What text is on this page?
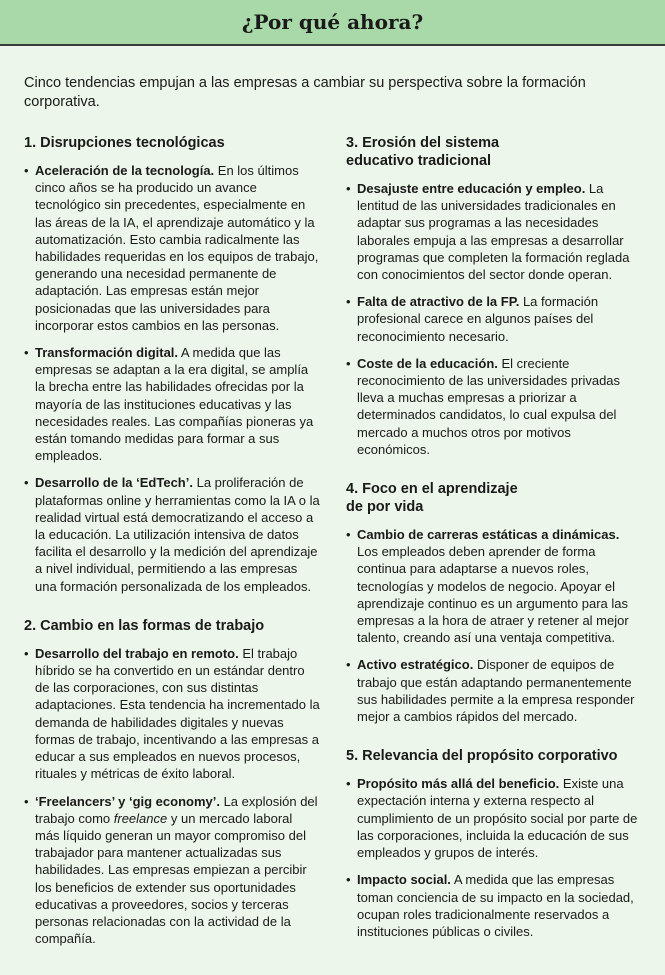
¿Por qué ahora?

Cinco tendencias empujan a las empresas a cambiar su perspectiva sobre la formación corporativa.

1. Disrupciones tecnológicas
• Aceleración de la tecnología. En los últimos cinco años se ha producido un avance tecnológico sin precedentes, especialmente en las áreas de la IA, el aprendizaje automático y la automatización. Esto cambia radicalmente las habilidades requeridas en los equipos de trabajo, generando una necesidad permanente de adaptación. Las empresas están mejor posicionadas que las universidades para incorporar estos cambios en las personas.
• Transformación digital. A medida que las empresas se adaptan a la era digital, se amplía la brecha entre las habilidades ofrecidas por la mayoría de las instituciones educativas y las necesidades reales. Las compañías pioneras ya están tomando medidas para formar a sus empleados.
• Desarrollo de la ‘EdTech’. La proliferación de plataformas online y herramientas como la IA o la realidad virtual está democratizando el acceso a la educación. La utilización intensiva de datos facilita el desarrollo y la medición del aprendizaje a nivel individual, permitiendo a las empresas una formación personalizada de los empleados.
2. Cambio en las formas de trabajo
• Desarrollo del trabajo en remoto. El trabajo híbrido se ha convertido en un estándar dentro de las corporaciones, con sus distintas adaptaciones. Esta tendencia ha incrementado la demanda de habilidades digitales y nuevas formas de trabajo, incentivando a las empresas a educar a sus empleados en nuevos procesos, rituales y métricas de éxito laboral.
• ‘Freelancers’ y ‘gig economy’. La explosión del trabajo como freelance y un mercado laboral más líquido generan un mayor compromiso del trabajador para mantener actualizadas sus habilidades. Las empresas empiezan a percibir los beneficios de extender sus oportunidades educativas a proveedores, socios y terceras personas relacionadas con la actividad de la compañía.
3. Erosión del sistema
educativo tradicional
• Desajuste entre educación y empleo. La lentitud de las universidades tradicionales en adaptar sus programas a las necesidades laborales empuja a las empresas a desarrollar programas que completen la formación reglada con conocimientos del sector donde operan.
• Falta de atractivo de la FP. La formación profesional carece en algunos países del reconocimiento necesario.
• Coste de la educación. El creciente reconocimiento de las universidades privadas lleva a muchas empresas a priorizar a determinados candidatos, lo cual expulsa del mercado a muchos otros por motivos económicos.
4. Foco en el aprendizaje
de por vida
• Cambio de carreras estáticas a dinámicas. Los empleados deben aprender de forma continua para adaptarse a nuevos roles, tecnologías y modelos de negocio. Apoyar el aprendizaje continuo es un argumento para las empresas a la hora de atraer y retener al mejor talento, creando así una ventaja competitiva.
• Activo estratégico. Disponer de equipos de trabajo que están adaptando permanentemente sus habilidades permite a la empresa responder mejor a cambios rápidos del mercado.
5. Relevancia del propósito corporativo
• Propósito más allá del beneficio. Existe una expectación interna y externa respecto al cumplimiento de un propósito social por parte de las corporaciones, incluida la educación de sus empleados y grupos de interés.
• Impacto social. A medida que las empresas toman conciencia de su impacto en la sociedad, ocupan roles tradicionalmente reservados a instituciones públicas o civiles.
